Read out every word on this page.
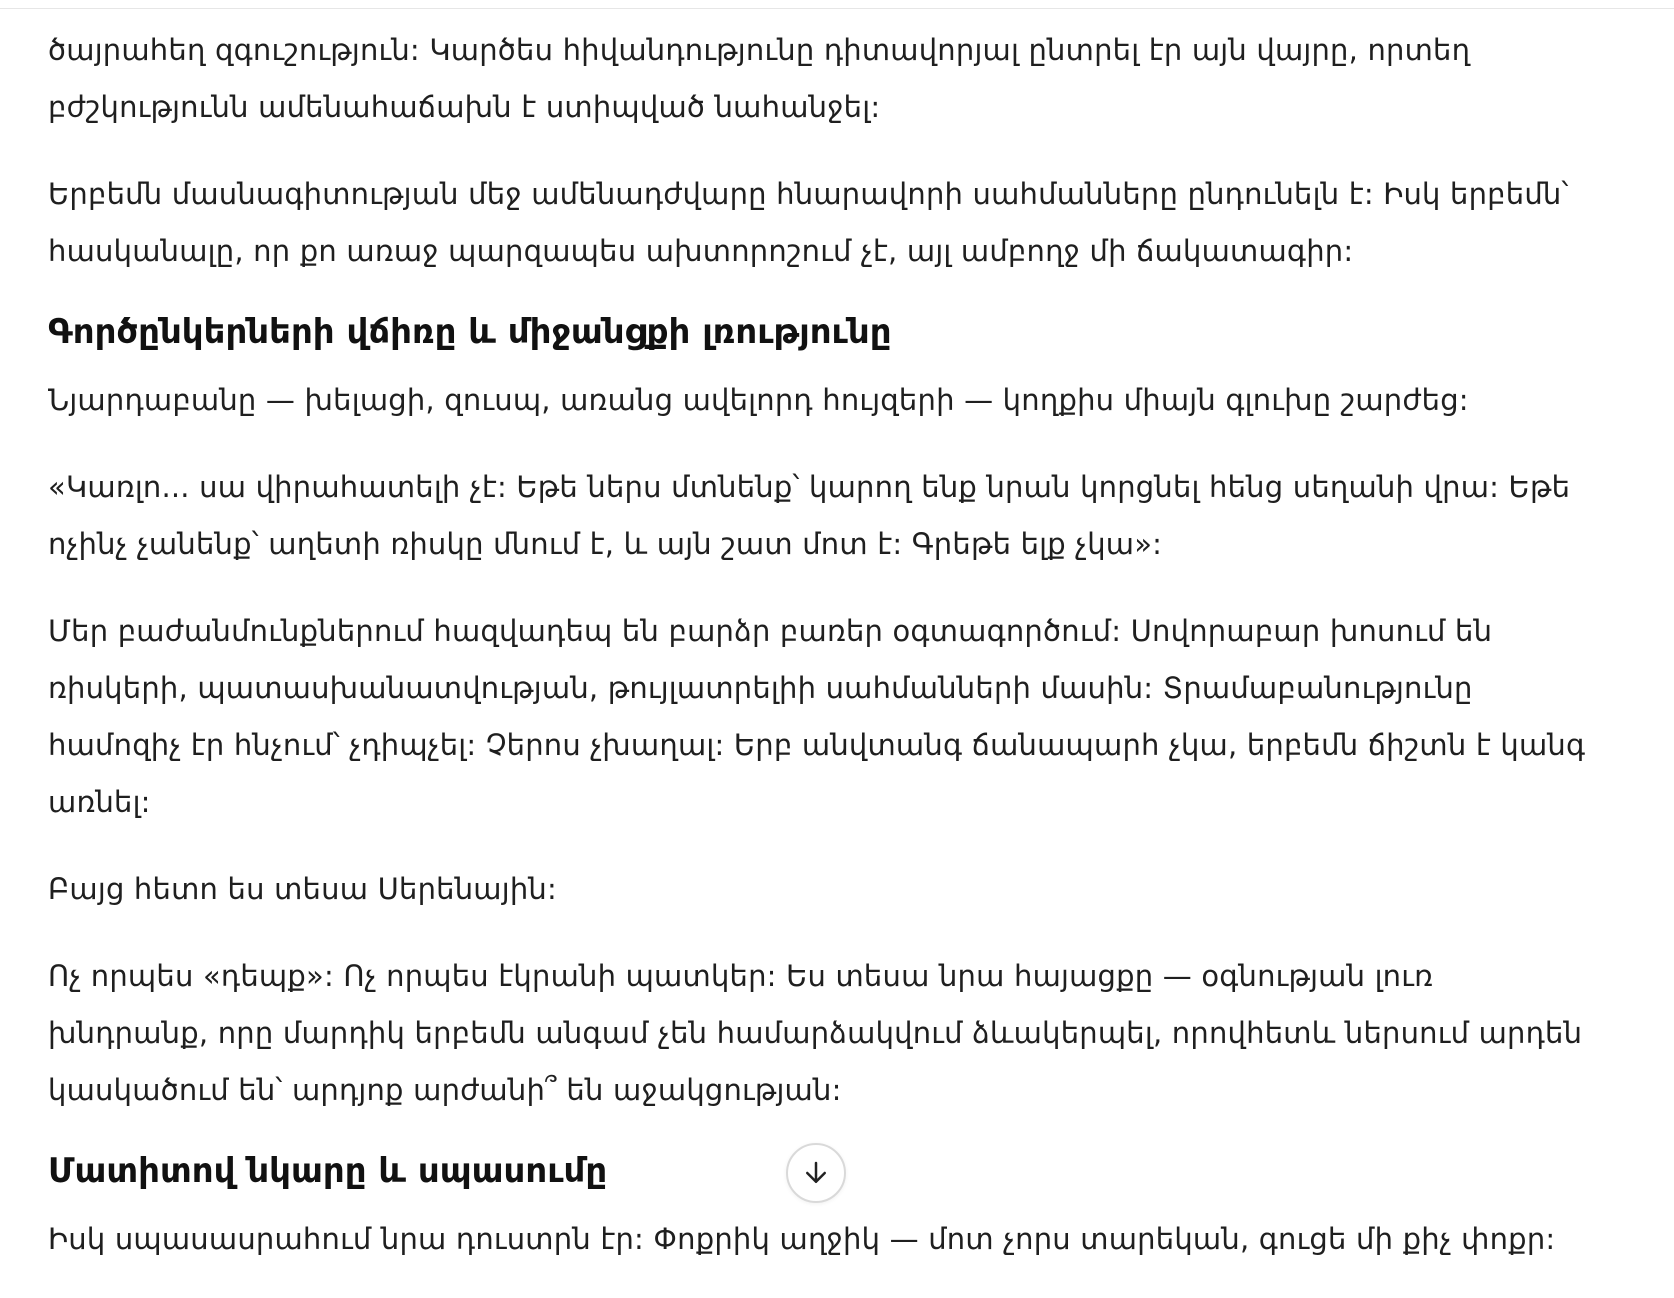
ծայրահեղ զգուշություն: Կարծես հիվանդությունը դիտավորյալ ընտրել էր այն վայրը, որտեղ բժշկությունն ամենահաճախն է ստիպված նահանջել:

Երբեմն մասնագիտության մեջ ամենադժվարը հնարավորի սահմանները ընդունելն է: Իսկ երբեմն՝ հասկանալը, որ քո առաջ պարզապես ախտորոշում չէ, այլ ամբողջ մի ճակատագիր:

Գործընկերների վճիռը և միջանցքի լռությունը

Նյարդաբանը — խելացի, զուսպ, առանց ավելորդ հույզերի — կողքիս միայն գլուխը շարժեց:

«Կառլո... սա վիրահատելի չէ: Եթե ներս մտնենք՝ կարող ենք նրան կորցնել հենց սեղանի վրա: Եթե ոչինչ չանենք՝ աղետի ռիսկը մնում է, և այն շատ մոտ է: Գրեթե ելք չկա»:

Մեր բաժանմունքներում հազվադեպ են բարձր բառեր օգտագործում: Սովորաբար խոսում են ռիսկերի, պատասխանատվության, թույլատրելիի սահմանների մասին: Տրամաբանությունը համոզիչ էր հնչում՝ չդիպչել: Չերոս չխաղալ: Երբ անվտանգ ճանապարհ չկա, երբեմն ճիշտն է կանգ առնել:

Բայց հետո ես տեսա Սերենային:

Ոչ որպես «դեպք»: Ոչ որպես էկրանի պատկեր: Ես տեսա նրա հայացքը — օգնության լուռ խնդրանք, որը մարդիկ երբեմն անգամ չեն համարձակվում ձևակերպել, որովհետև ներսում արդեն կասկածում են՝ արդյոք արժանի՞ են աջակցության:

Մատիտով նկարը և սպասումը

Իսկ սպասասրահում նրա դուստրն էր: Փոքրիկ աղջիկ — մոտ չորս տարեկան, գուցե մի քիչ փոքր:
